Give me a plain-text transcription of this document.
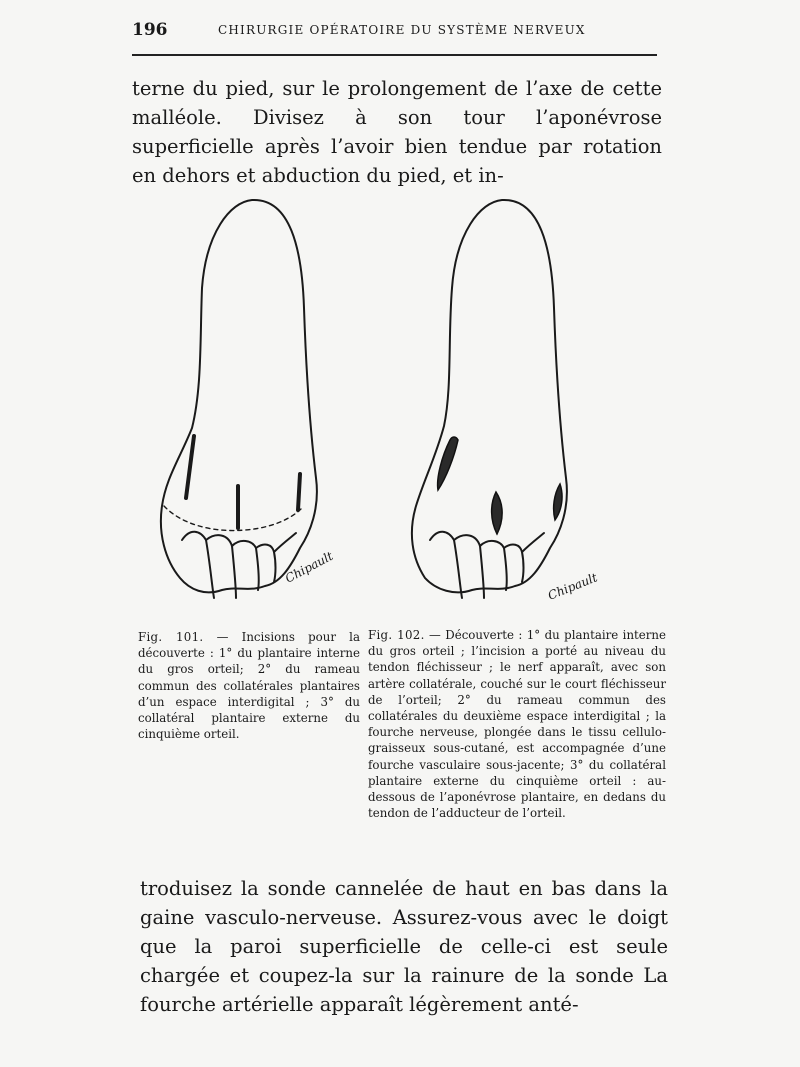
196	CHIRURGIE OPÉRATOIRE DU SYSTÈME NERVEUX

terne du pied, sur le prolongement de l’axe de cette malléole. Divisez à son tour l’aponévrose superficielle après l’avoir bien tendue par rotation en dehors et abduction du pied, et in-

Chipault
Chipault

Fig. 101. — Incisions pour la découverte : 1° du plantaire interne du gros orteil; 2° du rameau commun des collatérales plantaires d’un espace interdigital ; 3° du collatéral plantaire externe du cinquième orteil.

Fig. 102. — Découverte : 1° du plantaire interne du gros orteil ; l’incision a porté au niveau du tendon fléchisseur ; le nerf apparaît, avec son artère collatérale, couché sur le court fléchisseur de l’orteil; 2° du rameau commun des collatérales du deuxième espace interdigital ; la fourche nerveuse, plongée dans le tissu cellulo-graisseux sous-cutané, est accompagnée d’une fourche vasculaire sous-jacente; 3° du collatéral plantaire externe du cinquième orteil : au-dessous de l’aponévrose plantaire, en dedans du tendon de l’adducteur de l’orteil.

troduisez la sonde cannelée de haut en bas dans la gaine vasculo-nerveuse. Assurez-vous avec le doigt que la paroi superficielle de celle-ci est seule chargée et coupez-la sur la rainure de la sonde La fourche artérielle apparaît légèrement anté-
